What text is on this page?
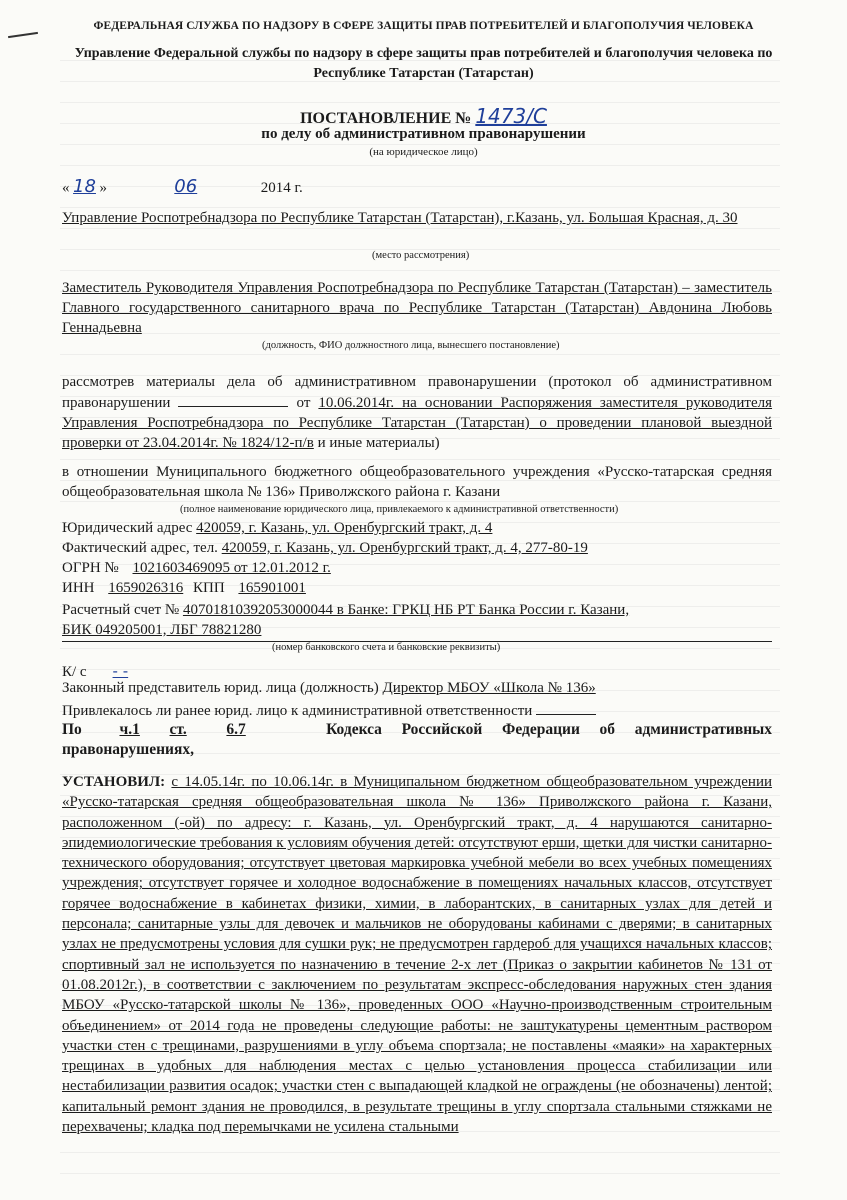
ФЕДЕРАЛЬНАЯ СЛУЖБА ПО НАДЗОРУ В СФЕРЕ ЗАЩИТЫ ПРАВ ПОТРЕБИТЕЛЕЙ И БЛАГОПОЛУЧИЯ ЧЕЛОВЕКА
Управление Федеральной службы по надзору в сфере защиты прав потребителей и благополучия человека по Республике Татарстан (Татарстан)
ПОСТАНОВЛЕНИЕ № 1473/С
по делу об административном правонарушении
(на юридическое лицо)
« 18 »	06	2014 г.
Управление Роспотребнадзора по Республике Татарстан (Татарстан), г.Казань, ул. Большая Красная, д. 30
(место рассмотрения)
Заместитель Руководителя Управления Роспотребнадзора по Республике Татарстан (Татарстан) – заместитель Главного государственного санитарного врача по Республике Татарстан (Татарстан) Авдонина Любовь Геннадьевна
(должность, ФИО должностного лица, вынесшего постановление)
рассмотрев материалы дела об административном правонарушении (протокол об административном правонарушении	от 10.06.2014г. на основании Распоряжения заместителя руководителя Управления Роспотребнадзора по Республике Татарстан (Татарстан) о проведении плановой выездной проверки от 23.04.2014г. № 1824/12-п/в и иные материалы)
в отношении Муниципального бюджетного общеобразовательного учреждения «Русско-татарская средняя общеобразовательная школа № 136» Приволжского района г. Казани
(полное наименование юридического лица, привлекаемого к административной ответственности)
Юридический адрес 420059, г. Казань, ул. Оренбургский тракт, д. 4
Фактический адрес, тел. 420059, г. Казань, ул. Оренбургский тракт, д. 4, 277-80-19
ОГРН № 1021603469095 от 12.01.2012 г.
ИНН 1659026316 КПП 165901001
Расчетный счет № 40701810392053000044 в Банке: ГРКЦ НБ РТ Банка России г. Казани,
БИК 049205001, ЛБГ 78821280
(номер банковского счета и банковские реквизиты)
К/ с - -
Законный представитель юрид. лица (должность) Директор МБОУ «Школа № 136»
Привлекалось ли ранее юрид. лицо к административной ответственности
По ч.1 ст.	6.7	Кодекса Российской Федерации об административных правонарушениях,
УСТАНОВИЛ: с 14.05.14г. по 10.06.14г. в Муниципальном бюджетном общеобразовательном учреждении «Русско-татарская средняя общеобразовательная школа № 136» Приволжского района г. Казани, расположенном (-ой) по адресу: г. Казань, ул. Оренбургский тракт, д. 4 нарушаются санитарно-эпидемиологические требования к условиям обучения детей: отсутствуют ерши, щетки для чистки санитарно-технического оборудования; отсутствует цветовая маркировка учебной мебели во всех учебных помещениях учреждения; отсутствует горячее и холодное водоснабжение в помещениях начальных классов, отсутствует горячее водоснабжение в кабинетах физики, химии, в лаборантских, в санитарных узлах для детей и персонала; санитарные узлы для девочек и мальчиков не оборудованы кабинами с дверями; в санитарных узлах не предусмотрены условия для сушки рук; не предусмотрен гардероб для учащихся начальных классов; спортивный зал не используется по назначению в течение 2-х лет (Приказ о закрытии кабинетов № 131 от 01.08.2012г.), в соответствии с заключением по результатам экспресс-обследования наружных стен здания МБОУ «Русско-татарской школы № 136», проведенных ООО «Научно-производственным строительным объединением» от 2014 года не проведены следующие работы: не заштукатурены цементным раствором участки стен с трещинами, разрушениями в углу объема спортзала; не поставлены «маяки» на характерных трещинах в удобных для наблюдения местах с целью установления процесса стабилизации или нестабилизации развития осадок; участки стен с выпадающей кладкой не ограждены (не обозначены) лентой; капитальный ремонт здания не проводился, в результате трещины в углу спортзала стальными стяжками не перехвачены; кладка под перемычками не усилена стальными
